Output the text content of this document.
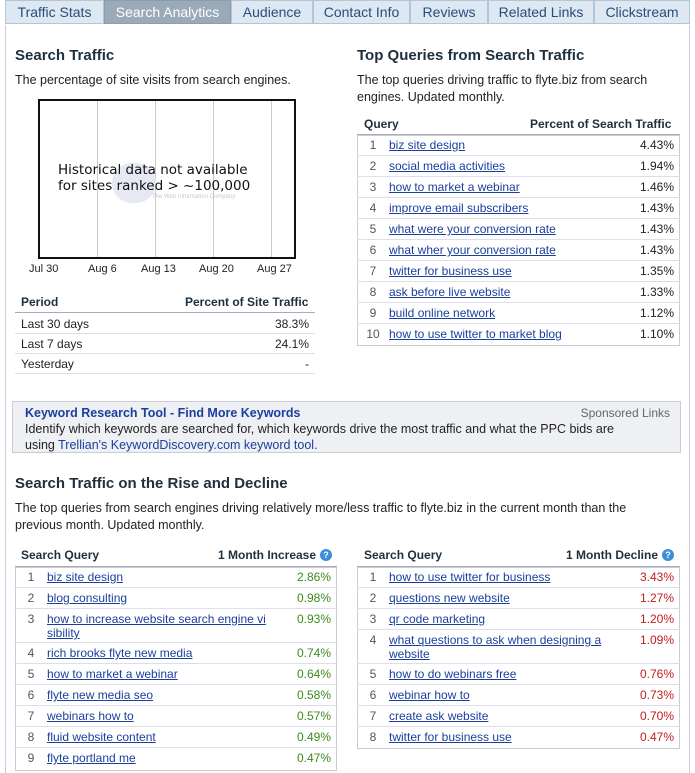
Traffic Stats	Search Analytics	Audience	Contact Info	Reviews	Related Links	Clickstream
Search Traffic
The percentage of site visits from search engines.
The Web Information Company
Historical data not available
for sites ranked > ~100,000
Jul 30	Aug 6 Aug 13 Aug 20 Aug 27
Period	Percent of Site Traffic
Last 30 days	38.3%
Last 7 days	24.1%
Yesterday	-
Top Queries from Search Traffic
The top queries driving traffic to flyte.biz from search engines. Updated monthly.
Query	Percent of Search Traffic
1	biz site design	4.43%
2	social media activities	1.94%
3	how to market a webinar	1.46%
4	improve email subscribers	1.43%
5	what were your conversion rate	1.43%
6	what wher your conversion rate	1.43%
7	twitter for business use	1.35%
8	ask before live website	1.33%
9	build online network	1.12%
10 how to use twitter to market blog	1.10%
Keyword Research Tool - Find More Keywords	Sponsored Links
Identify which keywords are searched for, which keywords drive the most traffic and what the PPC bids are
using Trellian's KeywordDiscovery.com keyword tool.
Search Traffic on the Rise and Decline
The top queries from search engines driving relatively more/less traffic to flyte.biz in the current month than the
previous month. Updated monthly.
Search Query	1 Month Increase ?
1	biz site design	2.86%
2	blog consulting	0.98%
3	how to increase website search engine vi
sibility
0.93%
4	rich brooks flyte new media	0.74%
5	how to market a webinar	0.64%
6	flyte new media seo	0.58%
7	webinars how to	0.57%
8	fluid website content	0.49%
9	flyte portland me	0.47%
Search Query	1 Month Decline ?
1	how to use twitter for business	3.43%
2	questions new website	1.27%
3	qr code marketing	1.20%
4	what questions to ask when designing a
website
1.09%
5	how to do webinars free	0.76%
6	webinar how to	0.73%
7	create ask website	0.70%
8	twitter for business use	0.47%
